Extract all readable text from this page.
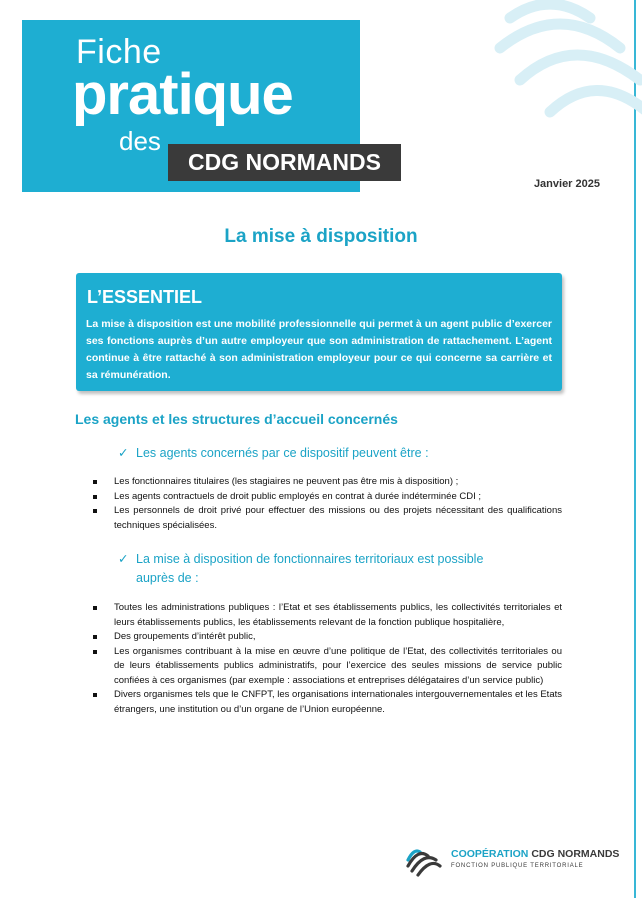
Fiche
pratique
des
CDG NORMANDS
Janvier 2025
La mise à disposition
L’ESSENTIEL
La mise à disposition est une mobilité professionnelle qui permet à un agent public d’exercer ses fonctions auprès d’un autre employeur que son administration de rattachement. L’agent continue à être rattaché à son administration employeur pour ce qui concerne sa carrière et sa rémunération.
Les agents et les structures d’accueil concernés
✓ Les agents concernés par ce dispositif peuvent être :
Les fonctionnaires titulaires (les stagiaires ne peuvent pas être mis à disposition) ;
Les agents contractuels de droit public employés en contrat à durée indéterminée CDI ;
Les personnels de droit privé pour effectuer des missions ou des projets nécessitant des qualifications techniques spécialisées.
✓ La mise à disposition de fonctionnaires territoriaux est possible
auprès de :
Toutes les administrations publiques : l’Etat et ses établissements publics, les collectivités territoriales et leurs établissements publics, les établissements relevant de la fonction publique hospitalière,
Des groupements d’intérêt public,
Les organismes contribuant à la mise en œuvre d’une politique de l’Etat, des collectivités territoriales ou de leurs établissements publics administratifs, pour l’exercice des seules missions de service public confiées à ces organismes (par exemple : associations et entreprises délégataires d’un service public)
Divers organismes tels que le CNFPT, les organisations internationales intergouvernementales et les Etats étrangers, une institution ou d’un organe de l’Union européenne.
COOPÉRATION CDG NORMANDS
FONCTION PUBLIQUE TERRITORIALE
